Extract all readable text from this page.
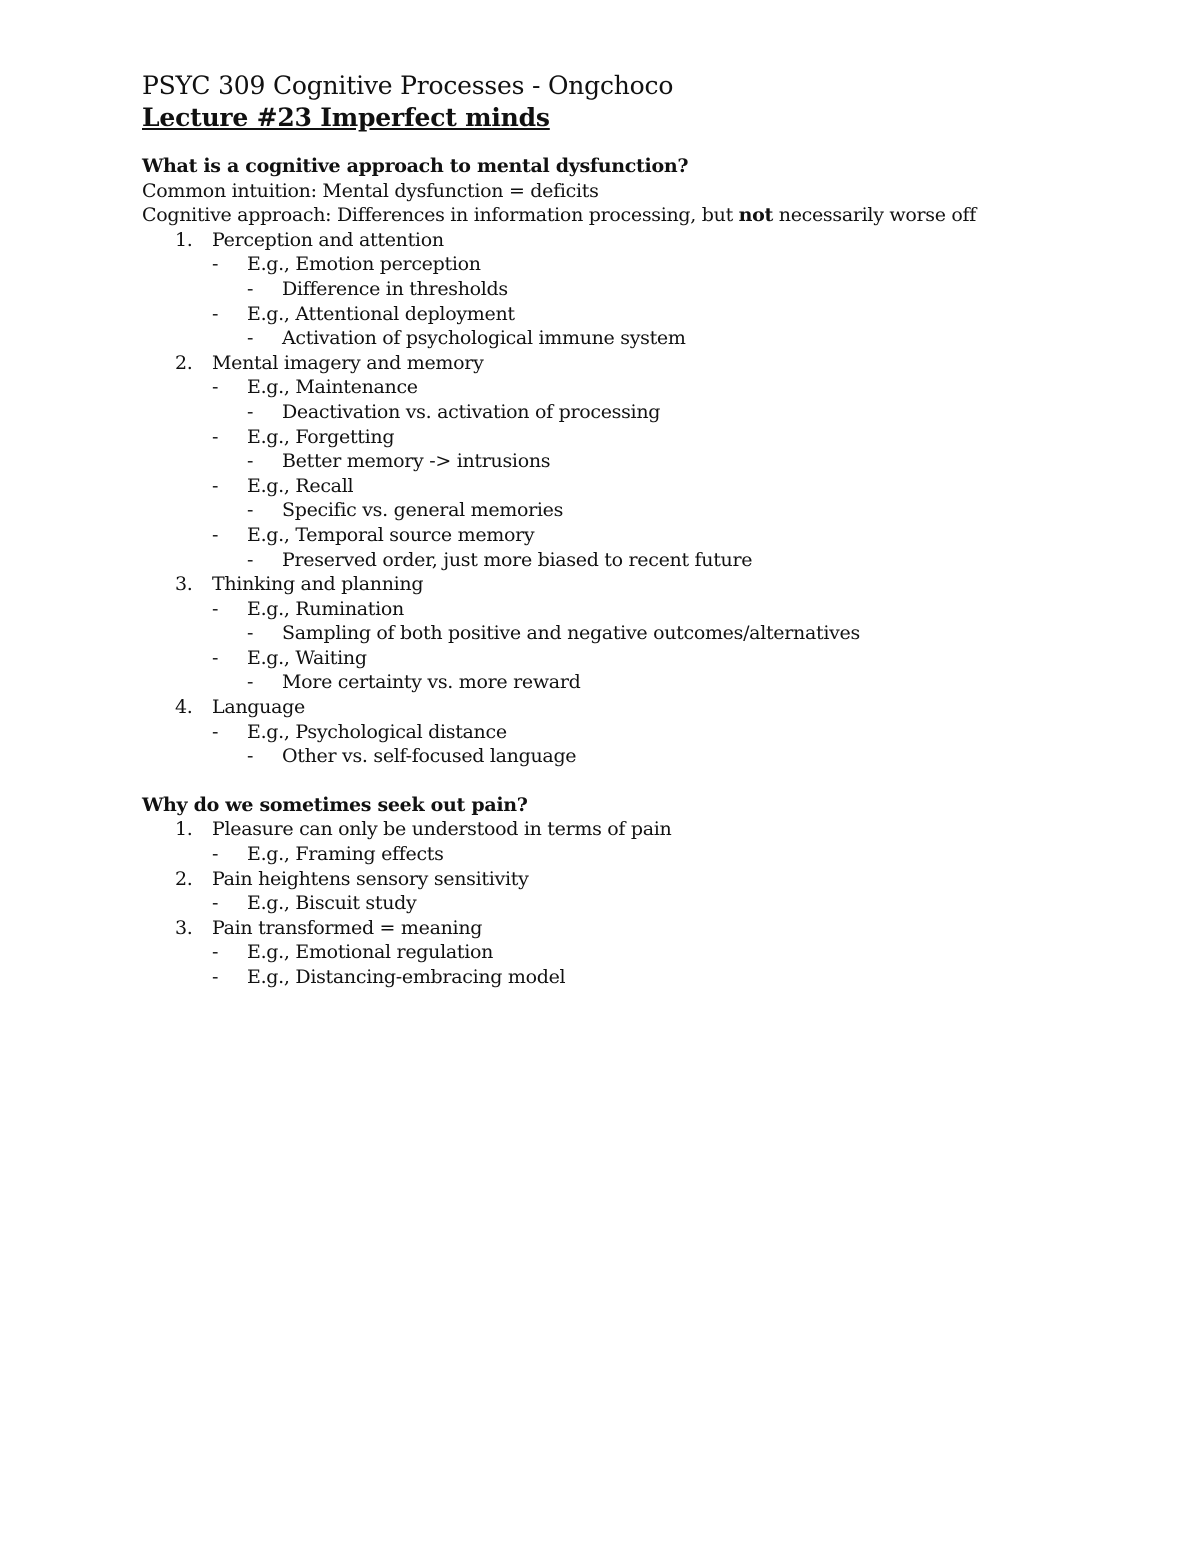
PSYC 309 Cognitive Processes - Ongchoco

Lecture #23 Imperfect minds

What is a cognitive approach to mental dysfunction?

Common intuition: Mental dysfunction = deficits

Cognitive approach: Differences in information processing, but not necessarily worse off

1. Perception and attention

- E.g., Emotion perception

- Difference in thresholds

- E.g., Attentional deployment

- Activation of psychological immune system

2. Mental imagery and memory

- E.g., Maintenance

- Deactivation vs. activation of processing

- E.g., Forgetting

- Better memory -> intrusions

- E.g., Recall

- Specific vs. general memories

- E.g., Temporal source memory

- Preserved order, just more biased to recent future

3. Thinking and planning

- E.g., Rumination

- Sampling of both positive and negative outcomes/alternatives

- E.g., Waiting

- More certainty vs. more reward

4. Language

- E.g., Psychological distance

- Other vs. self-focused language

Why do we sometimes seek out pain?

1. Pleasure can only be understood in terms of pain

- E.g., Framing effects

2. Pain heightens sensory sensitivity

- E.g., Biscuit study

3. Pain transformed = meaning

- E.g., Emotional regulation

- E.g., Distancing-embracing model
